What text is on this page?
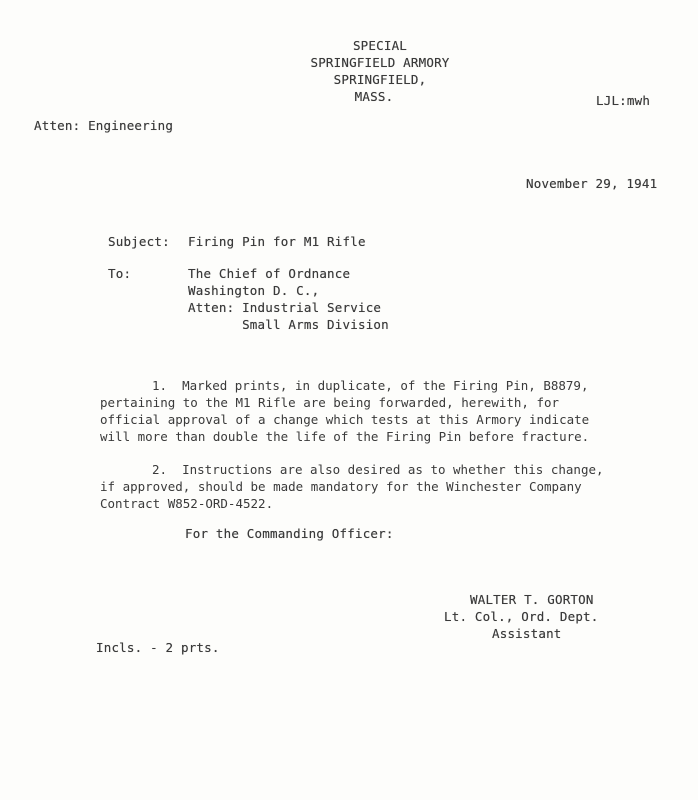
SPECIAL
SPRINGFIELD ARMORY
SPRINGFIELD,
MASS.	LJL:mwh
Atten: Engineering
November 29, 1941
Subject: Firing Pin for M1 Rifle
To:	The Chief of Ordnance
Washington D. C.,
Atten: Industrial Service
Small Arms Division
1.  Marked prints, in duplicate, of the Firing Pin, B8879,
pertaining to the M1 Rifle are being forwarded, herewith, for
official approval of a change which tests at this Armory indicate
will more than double the life of the Firing Pin before fracture.
2.  Instructions are also desired as to whether this change,
if approved, should be made mandatory for the Winchester Company
Contract W852-ORD-4522.
For the Commanding Officer:
WALTER T. GORTON
Lt. Col., Ord. Dept.
Assistant
Incls. - 2 prts.
